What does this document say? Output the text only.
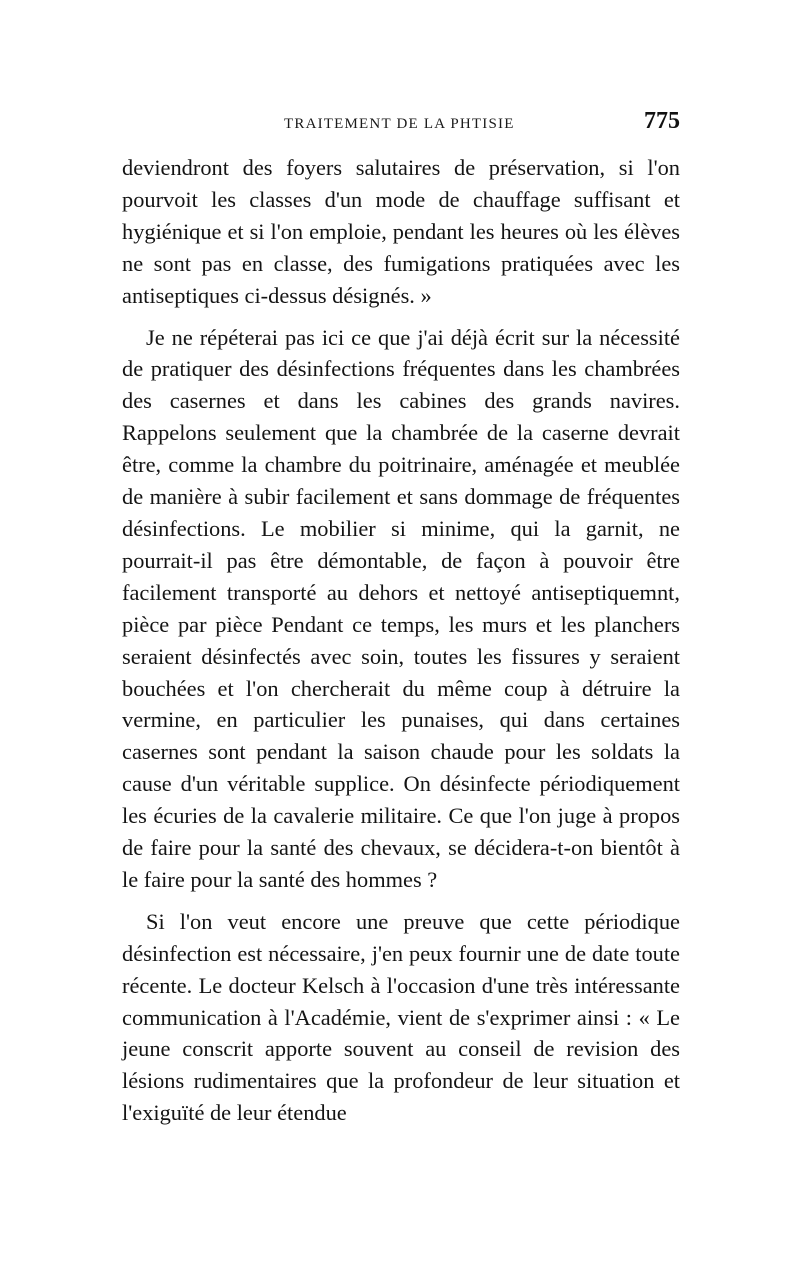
TRAITEMENT DE LA PHTISIE	775

deviendront des foyers salutaires de préservation, si l'on pourvoit les classes d'un mode de chauffage suffisant et hygiénique et si l'on emploie, pendant les heures où les élèves ne sont pas en classe, des fumigations pratiquées avec les antiseptiques ci-dessus désignés. »

Je ne répéterai pas ici ce que j'ai déjà écrit sur la nécessité de pratiquer des désinfections fréquentes dans les chambrées des casernes et dans les cabines des grands navires. Rappelons seulement que la chambrée de la caserne devrait être, comme la chambre du poitrinaire, aménagée et meublée de manière à subir facilement et sans dommage de fréquentes désinfections. Le mobilier si minime, qui la garnit, ne pourrait-il pas être démontable, de façon à pouvoir être facilement transporté au dehors et nettoyé antiseptiquemnt, pièce par pièce Pendant ce temps, les murs et les planchers seraient désinfectés avec soin, toutes les fissures y seraient bouchées et l'on chercherait du même coup à détruire la vermine, en particulier les punaises, qui dans certaines casernes sont pendant la saison chaude pour les soldats la cause d'un véritable supplice. On désinfecte périodiquement les écuries de la cavalerie militaire. Ce que l'on juge à propos de faire pour la santé des chevaux, se décidera-t-on bientôt à le faire pour la santé des hommes ?

Si l'on veut encore une preuve que cette périodique désinfection est nécessaire, j'en peux fournir une de date toute récente. Le docteur Kelsch à l'occasion d'une très intéressante communication à l'Académie, vient de s'exprimer ainsi : « Le jeune conscrit apporte souvent au conseil de revision des lésions rudimentaires que la profondeur de leur situation et l'exiguïté de leur étendue
